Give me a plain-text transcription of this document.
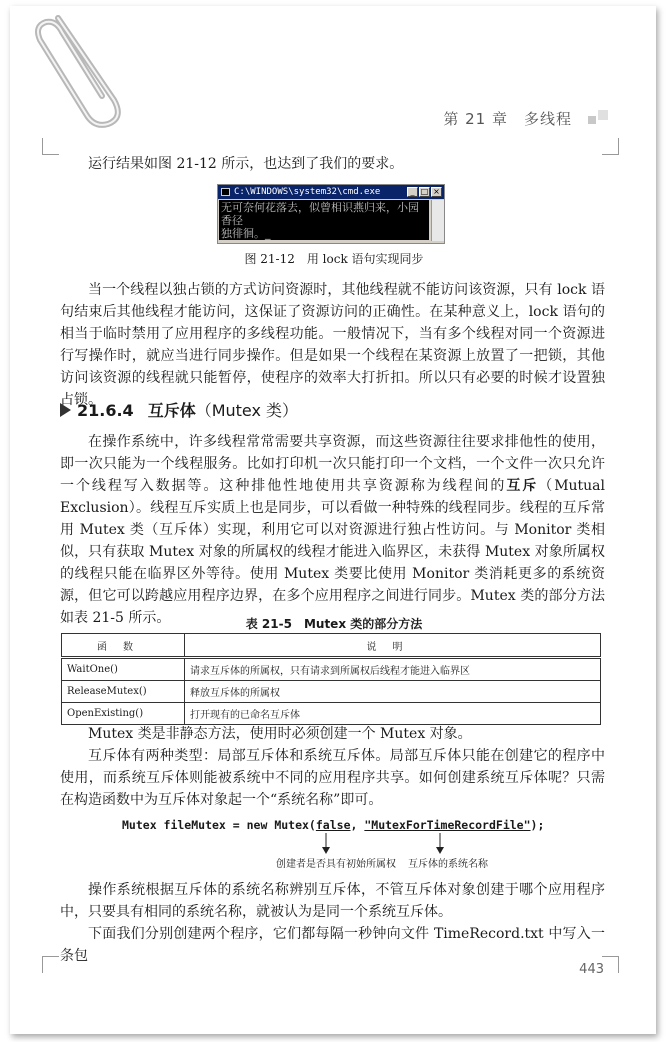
第 21 章　多线程
运行结果如图 21-12 所示，也达到了我们的要求。
C:\WINDOWS\system32\cmd.exe	_ □ ×
无可奈何花落去，似曾相识燕归来，小园香径
独徘徊。_
图 21-12　用 lock 语句实现同步
当一个线程以独占锁的方式访问资源时，其他线程就不能访问该资源，只有 lock 语句结束后其他线程才能访问，这保证了资源访问的正确性。在某种意义上，lock 语句的相当于临时禁用了应用程序的多线程功能。一般情况下，当有多个线程对同一个资源进行写操作时，就应当进行同步操作。但是如果一个线程在某资源上放置了一把锁，其他访问该资源的线程就只能暂停，使程序的效率大打折扣。所以只有必要的时候才设置独占锁。
21.6.4 互斥体（Mutex 类）
在操作系统中，许多线程常常需要共享资源，而这些资源往往要求排他性的使用，即一次只能为一个线程服务。比如打印机一次只能打印一个文档，一个文件一次只允许一个线程写入数据等。这种排他性地使用共享资源称为线程间的互斥（Mutual Exclusion）。线程互斥实质上也是同步，可以看做一种特殊的线程同步。线程的互斥常用 Mutex 类（互斥体）实现，利用它可以对资源进行独占性访问。与 Monitor 类相似，只有获取 Mutex 对象的所属权的线程才能进入临界区，未获得 Mutex 对象所属权的线程只能在临界区外等待。使用 Mutex 类要比使用 Monitor 类消耗更多的系统资源，但它可以跨越应用程序边界，在多个应用程序之间进行同步。Mutex 类的部分方法如表 21-5 所示。	表 21-5　Mutex 类的部分方法
函数	说明
WaitOne()	请求互斥体的所属权，只有请求到所属权后线程才能进入临界区
ReleaseMutex()	释放互斥体的所属权
OpenExisting()	打开现有的已命名互斥体
Mutex 类是非静态方法，使用时必须创建一个 Mutex 对象。
互斥体有两种类型：局部互斥体和系统互斥体。局部互斥体只能在创建它的程序中使用，而系统互斥体则能被系统中不同的应用程序共享。如何创建系统互斥体呢？只需在构造函数中为互斥体对象起一个“系统名称”即可。
Mutex fileMutex = new Mutex(false, "MutexForTimeRecordFile");
创建者是否具有初始所属权 互斥体的系统名称
操作系统根据互斥体的系统名称辨别互斥体，不管互斥体对象创建于哪个应用程序中，只要具有相同的系统名称，就被认为是同一个系统互斥体。
下面我们分别创建两个程序，它们都每隔一秒钟向文件 TimeRecord.txt 中写入一条包
443
